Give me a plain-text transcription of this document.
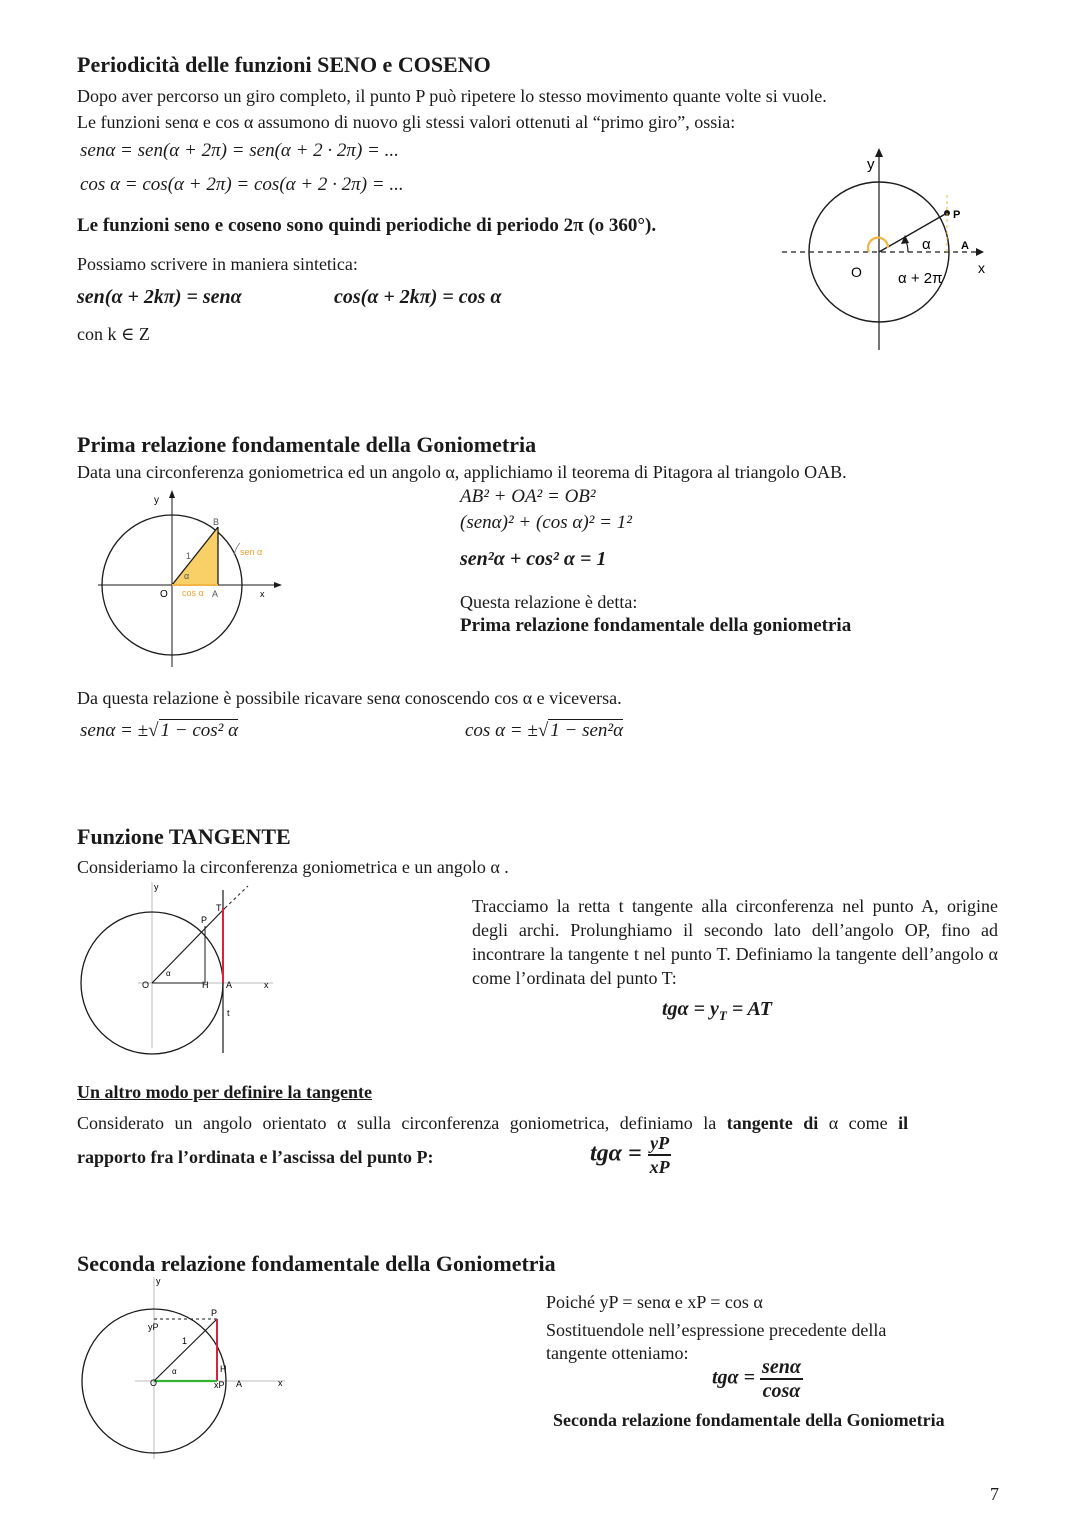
Periodicità delle funzioni SENO e COSENO
Dopo aver percorso un giro completo, il punto P può ripetere lo stesso movimento quante volte si vuole.
Le funzioni senα e cos α assumono di nuovo gli stessi valori ottenuti al “primo giro”, ossia:
senα = sen(α + 2π) = sen(α + 2 · 2π) = ...
cos α = cos(α + 2π) = cos(α + 2 · 2π) = ...
Le funzioni seno e coseno sono quindi periodiche di periodo 2π (o 360°).
Possiamo scrivere in maniera sintetica:
sen(α + 2kπ) = senα	cos(α + 2kπ) = cos α
con k ∈ Z
y
x
O
P
A
α
α + 2π
Prima relazione fondamentale della Goniometria
Data una circonferenza goniometrica ed un angolo α, applichiamo il teorema di Pitagora al triangolo OAB.
y
x
O
B
A
1
α
sen α
cos α
AB² + OA² = OB²
(senα)² + (cos α)² = 1²
sen²α + cos² α = 1
Questa relazione è detta:
Prima relazione fondamentale della goniometria
Da questa relazione è possibile ricavare senα conoscendo cos α e viceversa.
senα = ±√ 1 − cos² α	cos α = ±√ 1 − sen²α
Funzione TANGENTE
Consideriamo la circonferenza goniometrica e un angolo α .
y
x
O
P
T
H A
t
α
Tracciamo la retta t tangente alla circonferenza nel punto A, origine degli archi. Prolunghiamo il secondo lato dell’angolo OP, fino ad incontrare la tangente t nel punto T. Definiamo la tangente dell’angolo α come l’ordinata del punto T:
$tg\alpha = y_T$ = AT
Un altro modo per definire la tangente
Considerato un angolo orientato α sulla circonferenza goniometrica, definiamo la tangente di α come il
rapporto fra l’ordinata e l’ascissa del punto P:	$tg\alpha = \frac{yP}{xP}$
Seconda relazione fondamentale della Goniometria
y
x
O
P
H
A
yP
xP
1
α
Poiché yP = senα e xP = cos α
Sostituendole nell’espressione precedente della
tangente otteniamo:
$tg\alpha = \frac{\text{senα}}{\cos\alpha}$
Seconda relazione fondamentale della Goniometria
7
